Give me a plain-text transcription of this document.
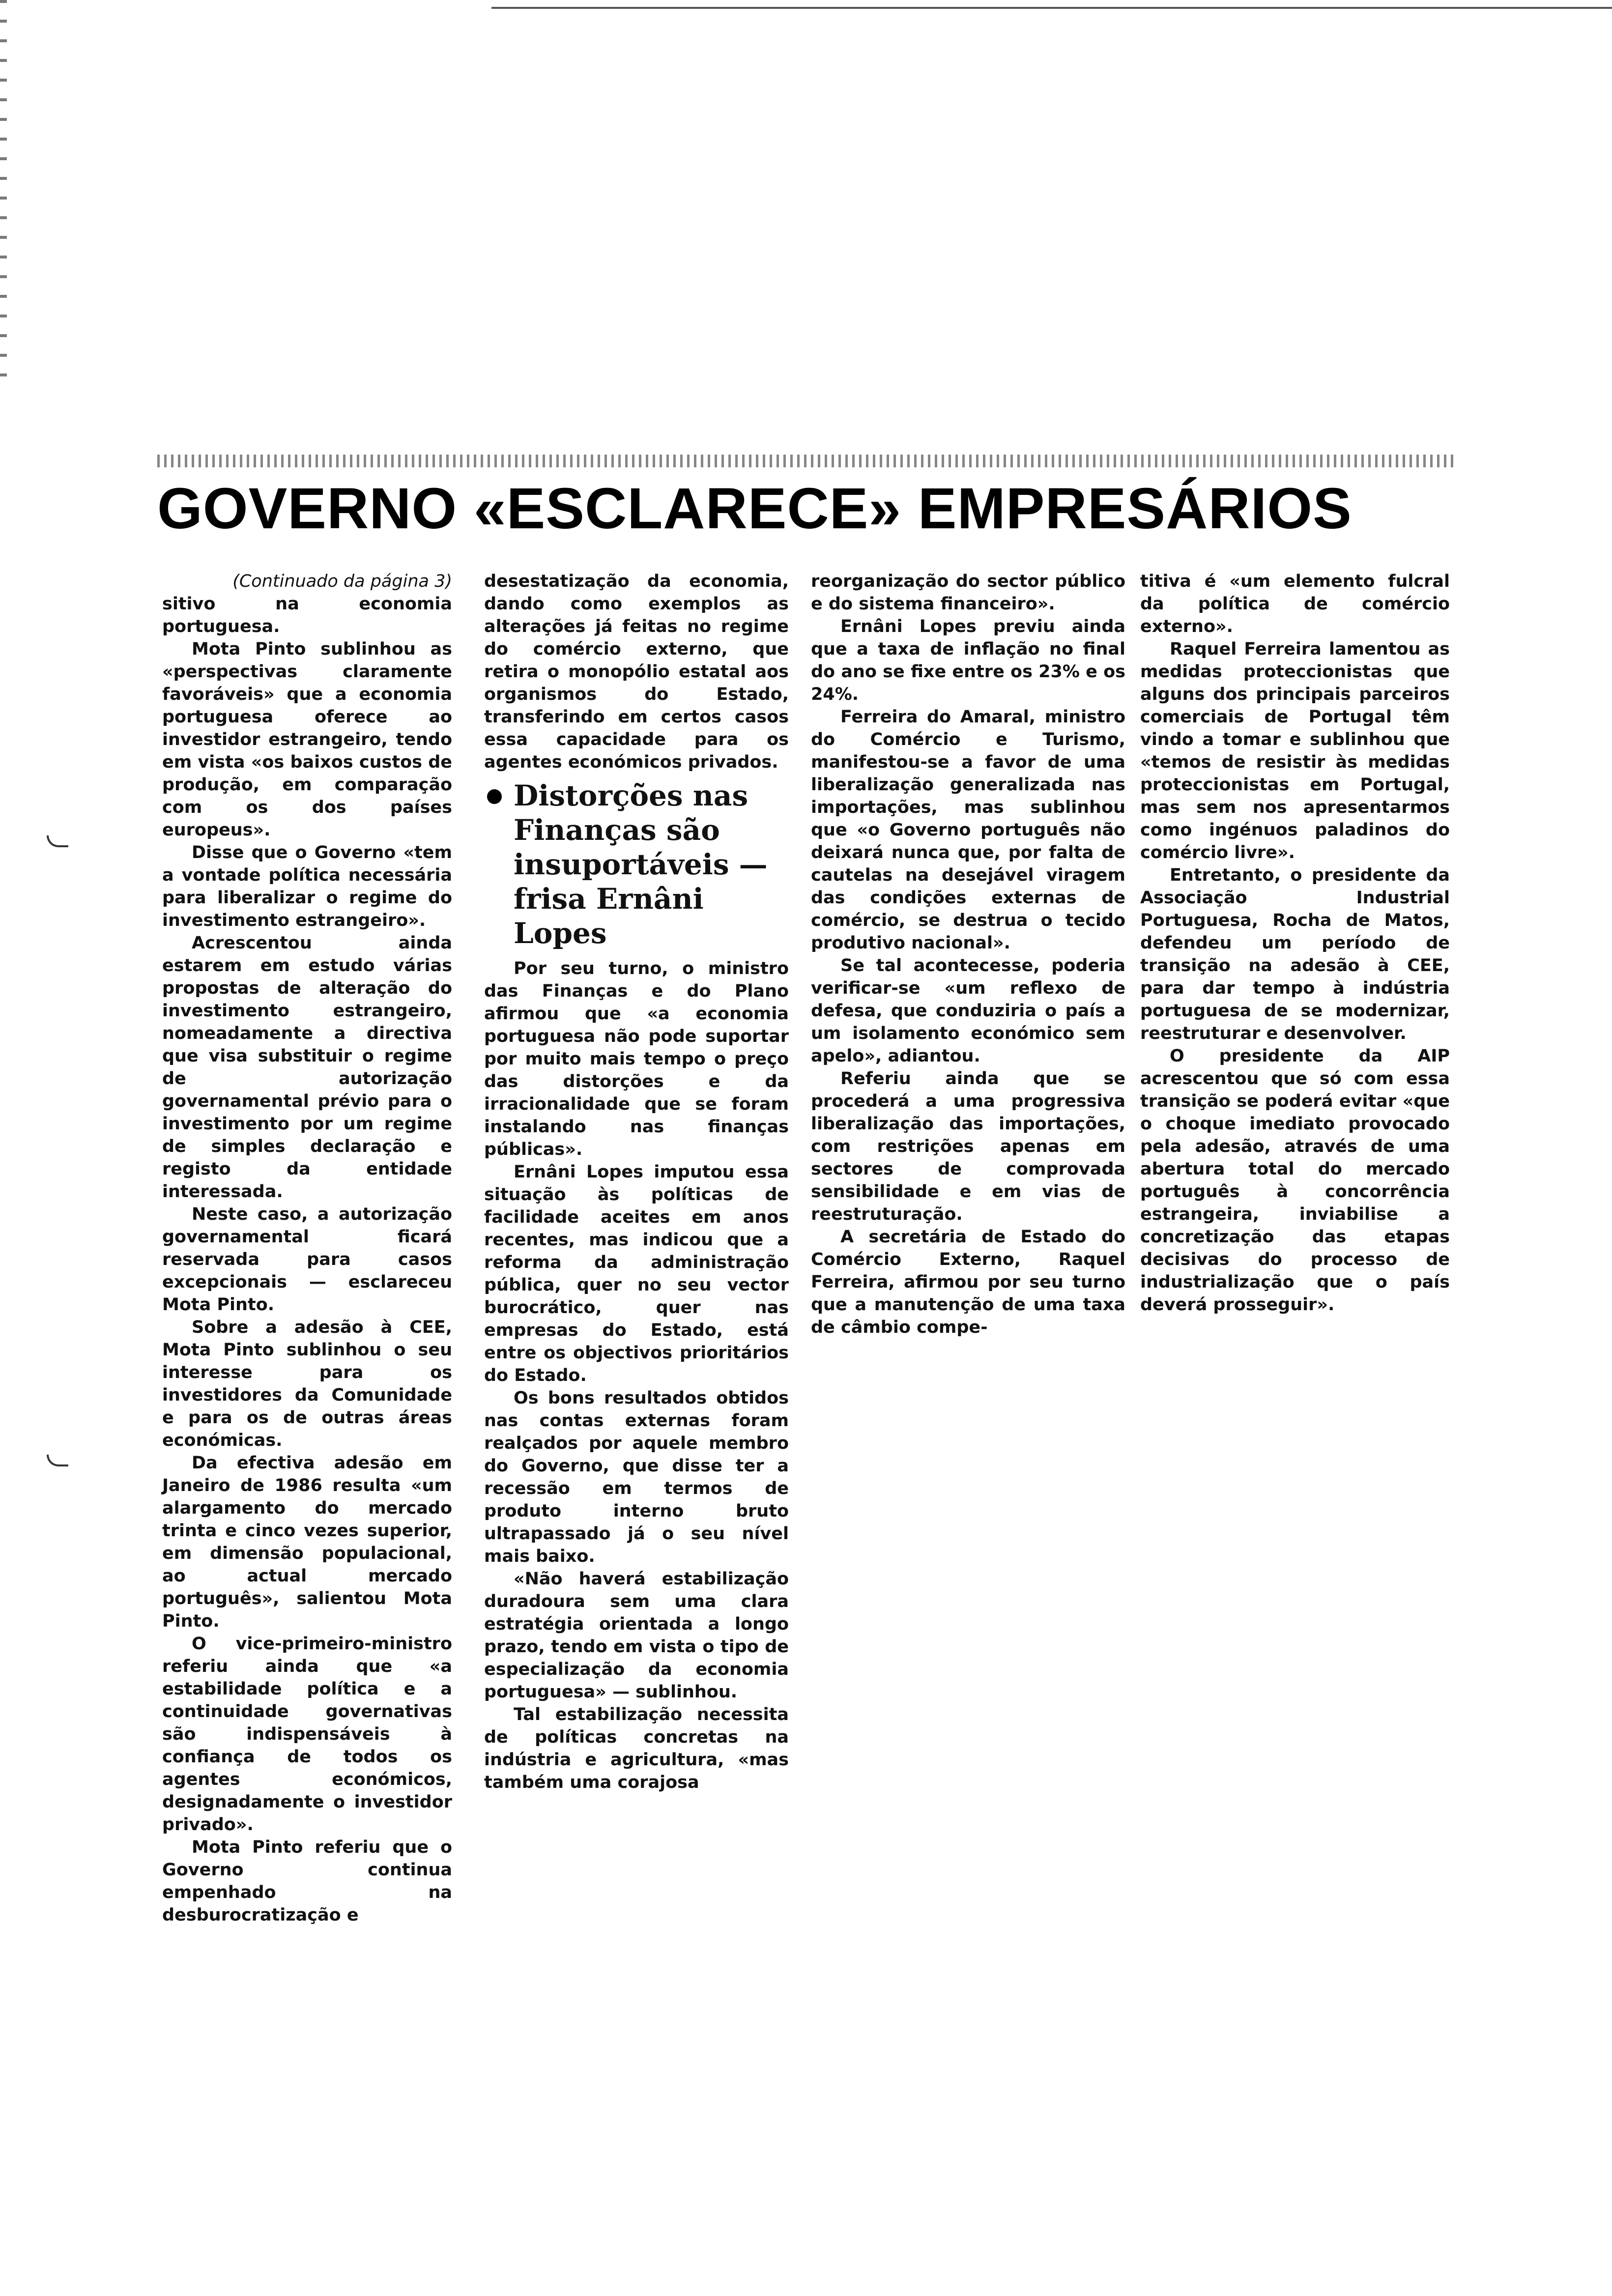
GOVERNO «ESCLARECE» EMPRESÁRIOS
(Continuado da página 3)

sitivo na economia portuguesa.

Mota Pinto sublinhou as «perspectivas claramente favoráveis» que a economia portuguesa oferece ao investidor estrangeiro, tendo em vista «os baixos custos de produção, em comparação com os dos países europeus».

Disse que o Governo «tem a vontade política necessária para liberalizar o regime do investimento estrangeiro».

Acrescentou ainda estarem em estudo várias propostas de alteração do investimento estrangeiro, nomeadamente a directiva que visa substituir o regime de autorização governamental prévio para o investimento por um regime de simples declaração e registo da entidade interessada.

Neste caso, a autorização governamental ficará reservada para casos excepcionais — esclareceu Mota Pinto.

Sobre a adesão à CEE, Mota Pinto sublinhou o seu interesse para os investidores da Comunidade e para os de outras áreas económicas.

Da efectiva adesão em Janeiro de 1986 resulta «um alargamento do mercado trinta e cinco vezes superior, em dimensão populacional, ao actual mercado português», salientou Mota Pinto.

O vice-primeiro-ministro referiu ainda que «a estabilidade política e a continuidade governativas são indispensáveis à confiança de todos os agentes económicos, designadamente o investidor privado».

Mota Pinto referiu que o Governo continua empenhado na desburocratização e

desestatização da economia, dando como exemplos as alterações já feitas no regime do comércio externo, que retira o monopólio estatal aos organismos do Estado, transferindo em certos casos essa capacidade para os agentes económicos privados.

Distorções nas Finanças são insuportáveis — frisa Ernâni Lopes

Por seu turno, o ministro das Finanças e do Plano afirmou que «a economia portuguesa não pode suportar por muito mais tempo o preço das distorções e da irracionalidade que se foram instalando nas finanças públicas».

Ernâni Lopes imputou essa situação às políticas de facilidade aceites em anos recentes, mas indicou que a reforma da administração pública, quer no seu vector burocrático, quer nas empresas do Estado, está entre os objectivos prioritários do Estado.

Os bons resultados obtidos nas contas externas foram realçados por aquele membro do Governo, que disse ter a recessão em termos de produto interno bruto ultrapassado já o seu nível mais baixo.

«Não haverá estabilização duradoura sem uma clara estratégia orientada a longo prazo, tendo em vista o tipo de especialização da economia portuguesa» — sublinhou.

Tal estabilização necessita de políticas concretas na indústria e agricultura, «mas também uma corajosa

reorganização do sector público e do sistema financeiro».

Ernâni Lopes previu ainda que a taxa de inflação no final do ano se fixe entre os 23% e os 24%.

Ferreira do Amaral, ministro do Comércio e Turismo, manifestou-se a favor de uma liberalização generalizada nas importações, mas sublinhou que «o Governo português não deixará nunca que, por falta de cautelas na desejável viragem das condições externas de comércio, se destrua o tecido produtivo nacional».

Se tal acontecesse, poderia verificar-se «um reflexo de defesa, que conduziria o país a um isolamento económico sem apelo», adiantou.

Referiu ainda que se procederá a uma progressiva liberalização das importações, com restrições apenas em sectores de comprovada sensibilidade e em vias de reestruturação.

A secretária de Estado do Comércio Externo, Raquel Ferreira, afirmou por seu turno que a manutenção de uma taxa de câmbio compe-

titiva é «um elemento fulcral da política de comércio externo».

Raquel Ferreira lamentou as medidas proteccionistas que alguns dos principais parceiros comerciais de Portugal têm vindo a tomar e sublinhou que «temos de resistir às medidas proteccionistas em Portugal, mas sem nos apresentarmos como ingénuos paladinos do comércio livre».

Entretanto, o presidente da Associação Industrial Portuguesa, Rocha de Matos, defendeu um período de transição na adesão à CEE, para dar tempo à indústria portuguesa de se modernizar, reestruturar e desenvolver.

O presidente da AIP acrescentou que só com essa transição se poderá evitar «que o choque imediato provocado pela adesão, através de uma abertura total do mercado português à concorrência estrangeira, inviabilise a concretização das etapas decisivas do processo de industrialização que o país deverá prosseguir».
